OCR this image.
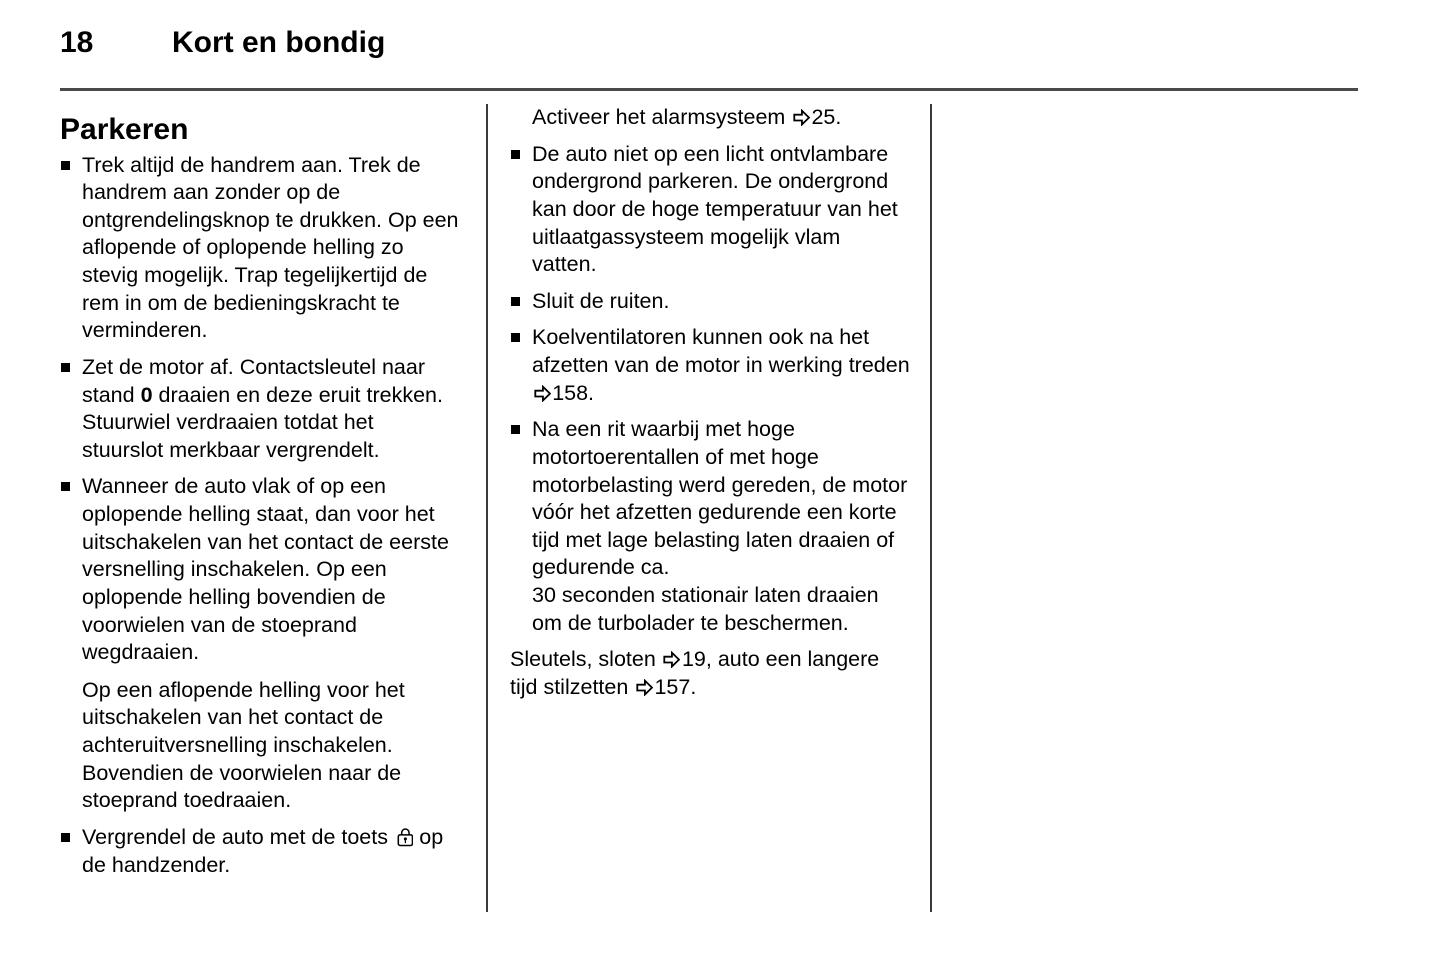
18	Kort en bondig
Parkeren
Trek altijd de handrem aan. Trek de handrem aan zonder op de ontgrendelingsknop te drukken. Op een aflopende of oplopende helling zo stevig mogelijk. Trap tegelijkertijd de rem in om de bedieningskracht te verminderen.
Zet de motor af. Contactsleutel naar stand 0 draaien en deze eruit trekken. Stuurwiel verdraaien totdat het stuurslot merkbaar vergrendelt.
Wanneer de auto vlak of op een oplopende helling staat, dan voor het uitschakelen van het contact de eerste versnelling inschakelen. Op een oplopende helling bovendien de voorwielen van de stoeprand wegdraaien.
Op een aflopende helling voor het uitschakelen van het contact de achteruitversnelling inschakelen. Bovendien de voorwielen naar de stoeprand toedraaien.
Vergrendel de auto met de toets
op de handzender.

Activeer het alarmsysteem
25.

De auto niet op een licht ontvlambare ondergrond parkeren. De ondergrond kan door de hoge temperatuur van het uitlaatgassysteem mogelijk vlam vatten.
Sluit de ruiten.
Koelventilatoren kunnen ook na het afzetten van de motor in werking treden
158.
Na een rit waarbij met hoge motortoerentallen of met hoge motorbelasting werd gereden, de motor vóór het afzetten gedurende een korte tijd met lage belasting laten draaien of gedurende ca.
30 seconden stationair laten draaien om de turbolader te beschermen.

Sleutels, sloten
19, auto een langere tijd stilzetten
157.
